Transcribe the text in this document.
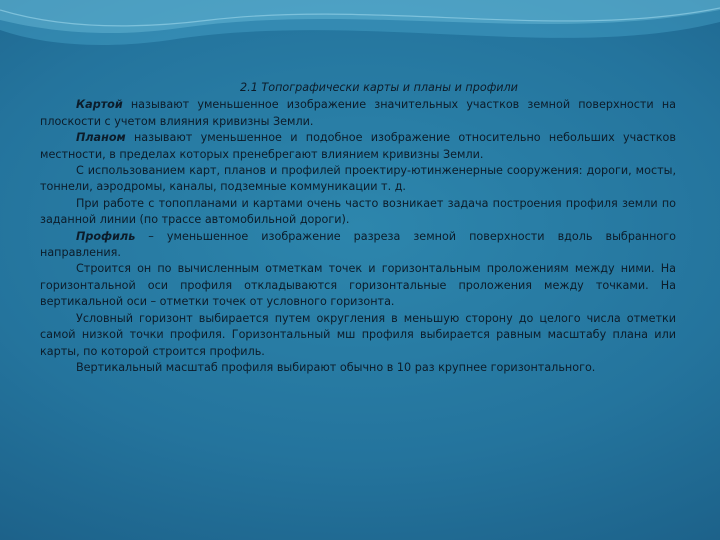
2.1 Топографически карты и планы и профили

Картой называют уменьшенное изображение значительных участков земной поверхности на плоскости с учетом влияния кривизны Земли.

Планом называют уменьшенное и подобное изображение относительно небольших участков местности, в пределах которых пренебрегают влиянием кривизны Земли.

С использованием карт, планов и профилей проектиру-ютинженерные сооружения: дороги, мосты, тоннели, аэродромы, каналы, подземные коммуникации т. д.

При работе с топопланами и картами очень часто возникает задача построения профиля земли по заданной линии (по трассе автомобильной дороги).

Профиль – уменьшенное изображение разреза земной поверхности вдоль выбранного направления.

Строится он по вычисленным отметкам точек и горизонтальным проложениям между ними. На горизонтальной оси профиля откладываются горизонтальные проложения между точками. На вертикальной оси – отметки точек от условного горизонта.

Условный горизонт выбирается путем округления в меньшую сторону до целого числа отметки самой низкой точки профиля. Горизонтальный мш профиля выбирается равным масштабу плана или карты, по которой строится профиль.

Вертикальный масштаб профиля выбирают обычно в 10 раз крупнее горизонтального.
